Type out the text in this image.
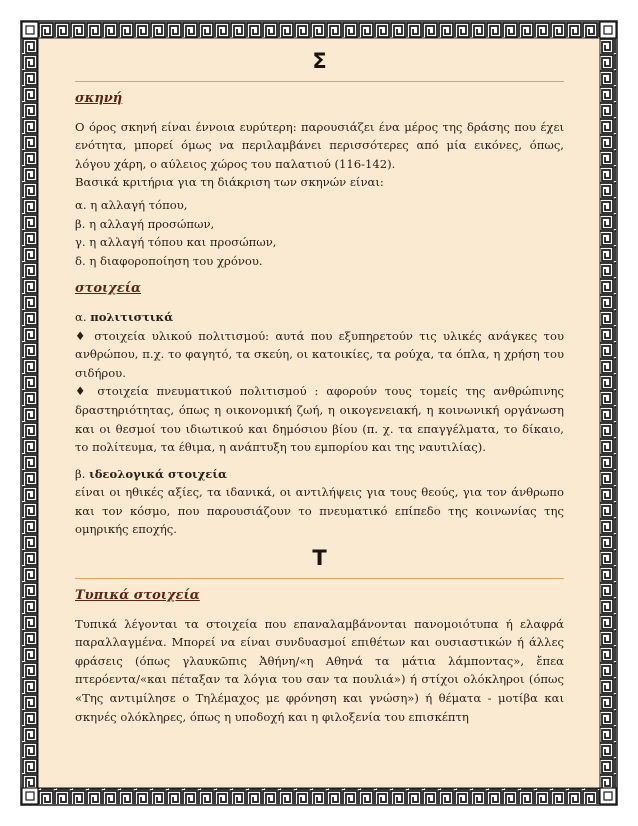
Σ
σκηνή

Ο όρος σκηνή είναι έννοια ευρύτερη: παρουσιάζει ένα μέρος της δράσης που έχει ενότητα, μπορεί όμως να περιλαμβάνει περισσότερες από μία εικόνες, όπως, λόγου χάρη, ο αύλειος χώρος του παλατιού (116-142).

Βασικά κριτήρια για τη διάκριση των σκηνών είναι:

α. η αλλαγή τόπου,

β. η αλλαγή προσώπων,

γ. η αλλαγή τόπου και προσώπων,

δ. η διαφοροποίηση του χρόνου.

στοιχεία

α. πολιτιστικά

♦ στοιχεία υλικού πολιτισμού: αυτά που εξυπηρετούν τις υλικές ανάγκες του ανθρώπου, π.χ. το φαγητό, τα σκεύη, οι κατοικίες, τα ρούχα, τα όπλα, η χρήση του σιδήρου.

♦ στοιχεία πνευματικού πολιτισμού : αφορούν τους τομείς της ανθρώπινης δραστηριότητας, όπως η οικονομική ζωή, η οικογενειακή, η κοινωνική οργάνωση και οι θεσμοί του ιδιωτικού και δημόσιου βίου (π. χ. τα επαγγέλματα, το δίκαιο, το πολίτευμα, τα έθιμα, η ανάπτυξη του εμπορίου και της ναυτιλίας).

β. ιδεολογικά στοιχεία

είναι οι ηθικές αξίες, τα ιδανικά, οι αντιλήψεις για τους θεούς, για τον άνθρωπο και τον κόσμο, που παρουσιάζουν το πνευματικό επίπεδο της κοινωνίας της ομηρικής εποχής.

Τ
Τυπικά στοιχεία

Τυπικά λέγονται τα στοιχεία που επαναλαμβάνονται πανομοιότυπα ή ελαφρά παραλλαγμένα. Μπορεί να είναι συνδυασμοί επιθέτων και ουσιαστικών ή άλλες φράσεις (όπως γλαυκῶπις Ἀθήνη/«η Αθηνά τα μάτια λάμποντας», ἔπεα πτερόεντα/«και πέταξαν τα λόγια του σαν τα πουλιά») ή στίχοι ολόκληροι (όπως «Της αντιμίλησε ο Τηλέμαχος με φρόνηση και γνώση») ή θέματα - μοτίβα και σκηνές ολόκληρες, όπως η υποδοχή και η φιλοξενία του επισκέπτη
